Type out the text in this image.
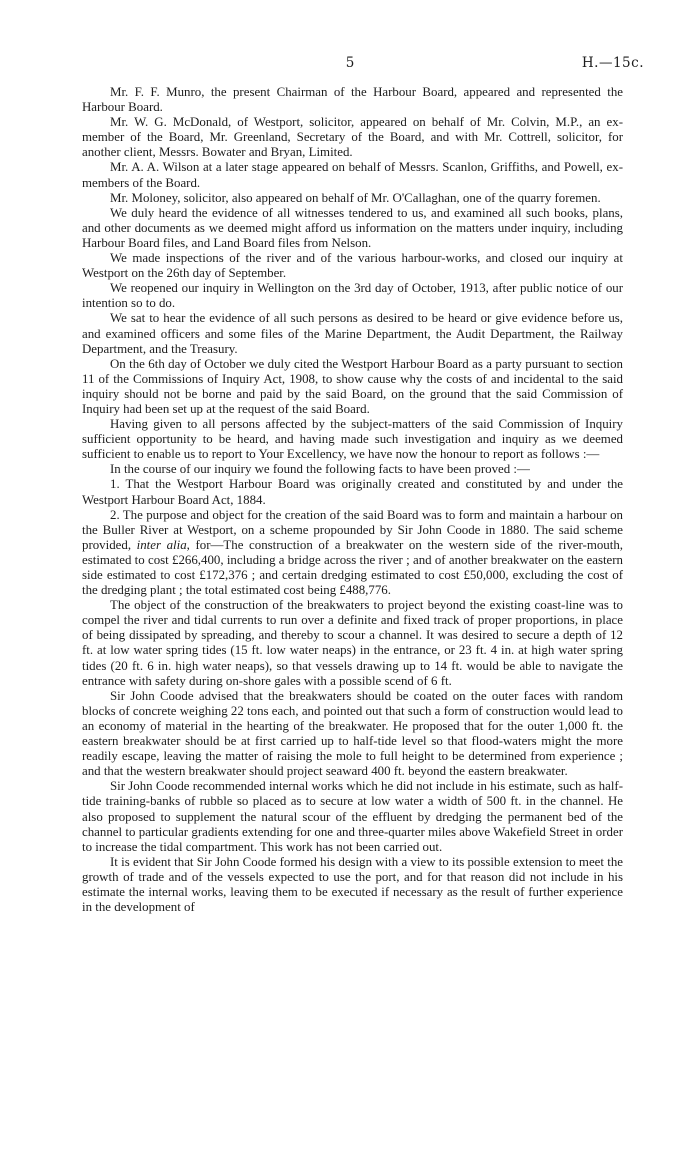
5	H.—15c.

Mr. F. F. Munro, the present Chairman of the Harbour Board, appeared and represented the Harbour Board.

Mr. W. G. McDonald, of Westport, solicitor, appeared on behalf of Mr. Colvin, M.P., an ex-member of the Board, Mr. Greenland, Secretary of the Board, and with Mr. Cottrell, solicitor, for another client, Messrs. Bowater and Bryan, Limited.

Mr. A. A. Wilson at a later stage appeared on behalf of Messrs. Scanlon, Griffiths, and Powell, ex-members of the Board.

Mr. Moloney, solicitor, also appeared on behalf of Mr. O'Callaghan, one of the quarry foremen.

We duly heard the evidence of all witnesses tendered to us, and examined all such books, plans, and other documents as we deemed might afford us information on the matters under inquiry, including Harbour Board files, and Land Board files from Nelson.

We made inspections of the river and of the various harbour-works, and closed our inquiry at Westport on the 26th day of September.

We reopened our inquiry in Wellington on the 3rd day of October, 1913, after public notice of our intention so to do.

We sat to hear the evidence of all such persons as desired to be heard or give evidence before us, and examined officers and some files of the Marine Department, the Audit Department, the Railway Department, and the Treasury.

On the 6th day of October we duly cited the Westport Harbour Board as a party pursuant to section 11 of the Commissions of Inquiry Act, 1908, to show cause why the costs of and incidental to the said inquiry should not be borne and paid by the said Board, on the ground that the said Commission of Inquiry had been set up at the request of the said Board.

Having given to all persons affected by the subject-matters of the said Commission of Inquiry sufficient opportunity to be heard, and having made such investigation and inquiry as we deemed sufficient to enable us to report to Your Excellency, we have now the honour to report as follows :—

In the course of our inquiry we found the following facts to have been proved :—

1. That the Westport Harbour Board was originally created and constituted by and under the Westport Harbour Board Act, 1884.

2. The purpose and object for the creation of the said Board was to form and maintain a harbour on the Buller River at Westport, on a scheme propounded by Sir John Coode in 1880. The said scheme provided, inter alia, for—The construction of a breakwater on the western side of the river-mouth, estimated to cost £266,400, including a bridge across the river ; and of another breakwater on the eastern side estimated to cost £172,376 ; and certain dredging estimated to cost £50,000, excluding the cost of the dredging plant ; the total estimated cost being £488,776.

The object of the construction of the breakwaters to project beyond the existing coast-line was to compel the river and tidal currents to run over a definite and fixed track of proper proportions, in place of being dissipated by spreading, and thereby to scour a channel. It was desired to secure a depth of 12 ft. at low water spring tides (15 ft. low water neaps) in the entrance, or 23 ft. 4 in. at high water spring tides (20 ft. 6 in. high water neaps), so that vessels drawing up to 14 ft. would be able to navigate the entrance with safety during on-shore gales with a possible scend of 6 ft.

Sir John Coode advised that the breakwaters should be coated on the outer faces with random blocks of concrete weighing 22 tons each, and pointed out that such a form of construction would lead to an economy of material in the hearting of the breakwater. He proposed that for the outer 1,000 ft. the eastern breakwater should be at first carried up to half-tide level so that flood-waters might the more readily escape, leaving the matter of raising the mole to full height to be determined from experience ; and that the western breakwater should project seaward 400 ft. beyond the eastern breakwater.

Sir John Coode recommended internal works which he did not include in his estimate, such as half-tide training-banks of rubble so placed as to secure at low water a width of 500 ft. in the channel. He also proposed to supplement the natural scour of the effluent by dredging the permanent bed of the channel to particular gradients extending for one and three-quarter miles above Wakefield Street in order to increase the tidal compartment. This work has not been carried out.

It is evident that Sir John Coode formed his design with a view to its possible extension to meet the growth of trade and of the vessels expected to use the port, and for that reason did not include in his estimate the internal works, leaving them to be executed if necessary as the result of further experience in the development of
